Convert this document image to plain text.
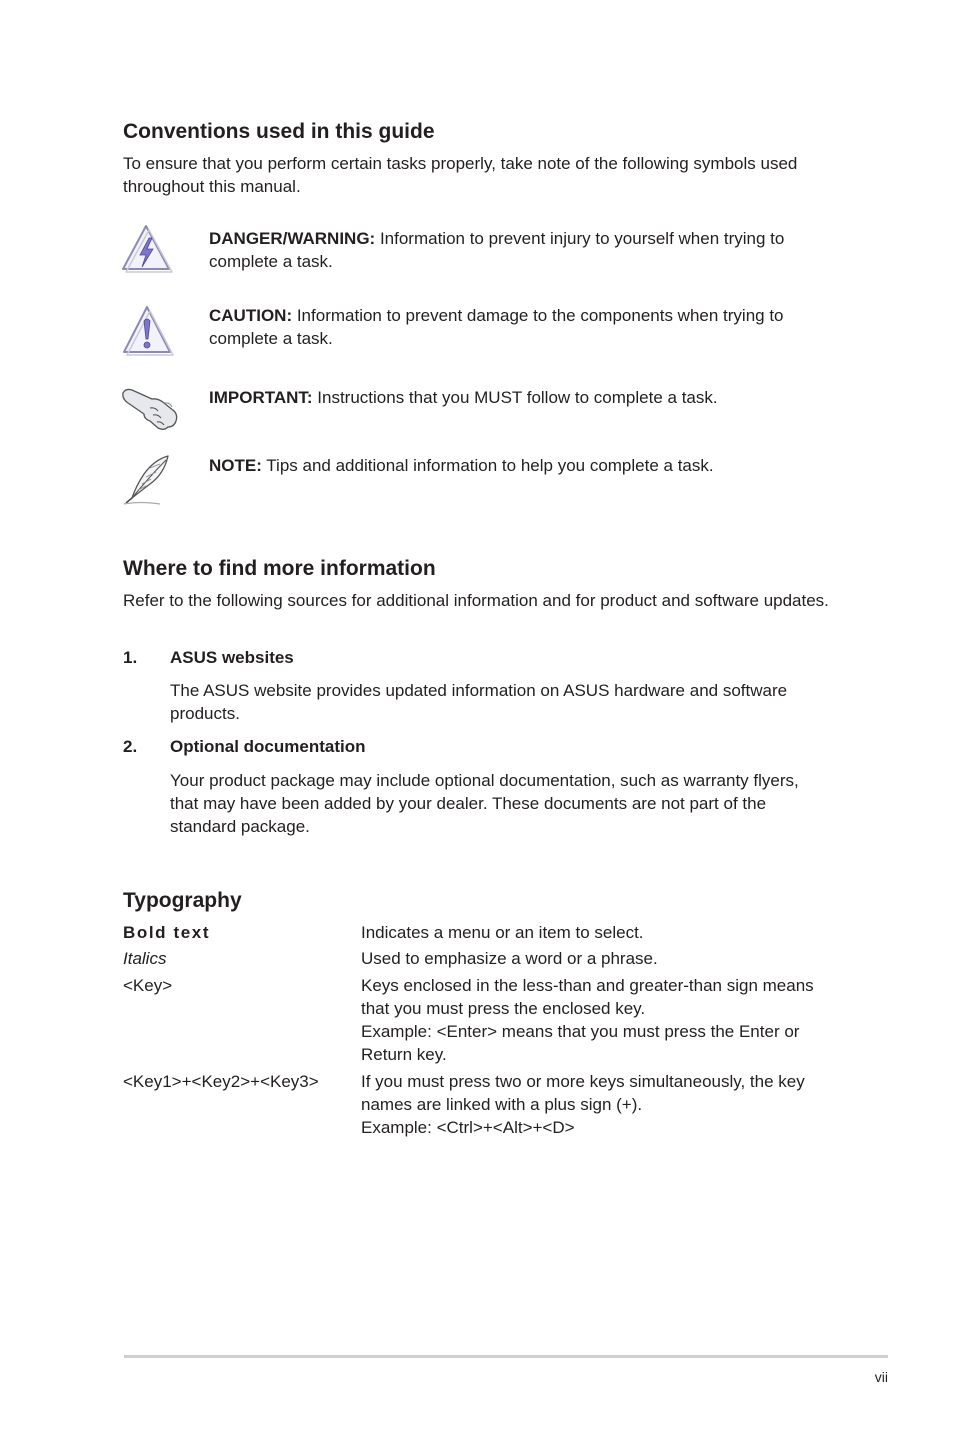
Conventions used in this guide

To ensure that you perform certain tasks properly, take note of the following symbols used throughout this manual.

DANGER/WARNING: Information to prevent injury to yourself when trying to complete a task.

CAUTION: Information to prevent damage to the components when trying to complete a task.

IMPORTANT: Instructions that you MUST follow to complete a task.

NOTE: Tips and additional information to help you complete a task.

Where to find more information

Refer to the following sources for additional information and for product and software updates.

1. ASUS websites

The ASUS website provides updated information on ASUS hardware and software products.

2. Optional documentation

Your product package may include optional documentation, such as warranty flyers, that may have been added by your dealer. These documents are not part of the standard package.

Typography
Bold text	Indicates a menu or an item to select.

Italics	Used to emphasize a word or a phrase.

<Key>	Keys enclosed in the less-than and greater-than sign means that you must press the enclosed key.

Example: <Enter> means that you must press the Enter or Return key.

<Key1>+<Key2>+<Key3>	If you must press two or more keys simultaneously, the key names are linked with a plus sign (+).

Example: <Ctrl>+<Alt>+<D>

vii
